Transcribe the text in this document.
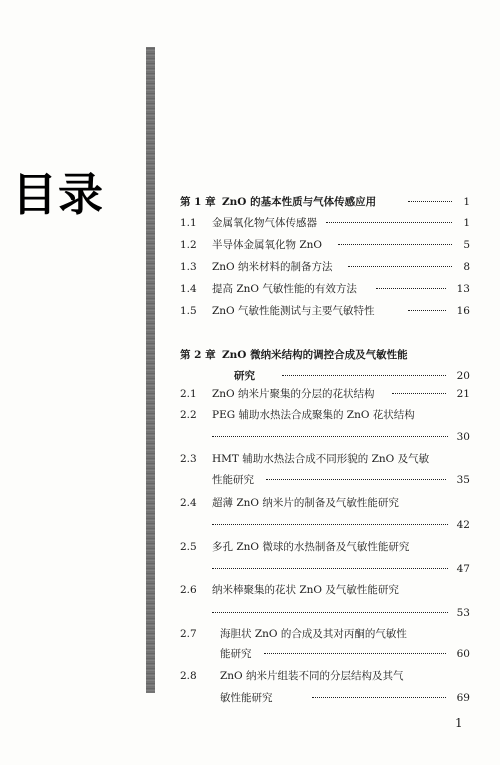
目录	第 1 章 ZnO 的基本性质与气体传感应用	1
1.1 金属氧化物气体传感器	1
1.2 半导体金属氧化物 ZnO	5
1.3 ZnO 纳米材料的制备方法	8
1.4 提高 ZnO 气敏性能的有效方法	13
1.5 ZnO 气敏性能测试与主要气敏特性	16
第 2 章 ZnO 微纳米结构的调控合成及气敏性能
研究	20
2.1 ZnO 纳米片聚集的分层的花状结构	21
2.2 PEG 辅助水热法合成聚集的 ZnO 花状结构
30
2.3 HMT 辅助水热法合成不同形貌的 ZnO 及气敏
性能研究	35
2.4 超薄 ZnO 纳米片的制备及气敏性能研究
42
2.5 多孔 ZnO 微球的水热制备及气敏性能研究
47
2.6 纳米棒聚集的花状 ZnO 及气敏性能研究
53
2.7 海胆状 ZnO 的合成及其对丙酮的气敏性
能研究	60
2.8 ZnO 纳米片组装不同的分层结构及其气
敏性能研究	69
1
